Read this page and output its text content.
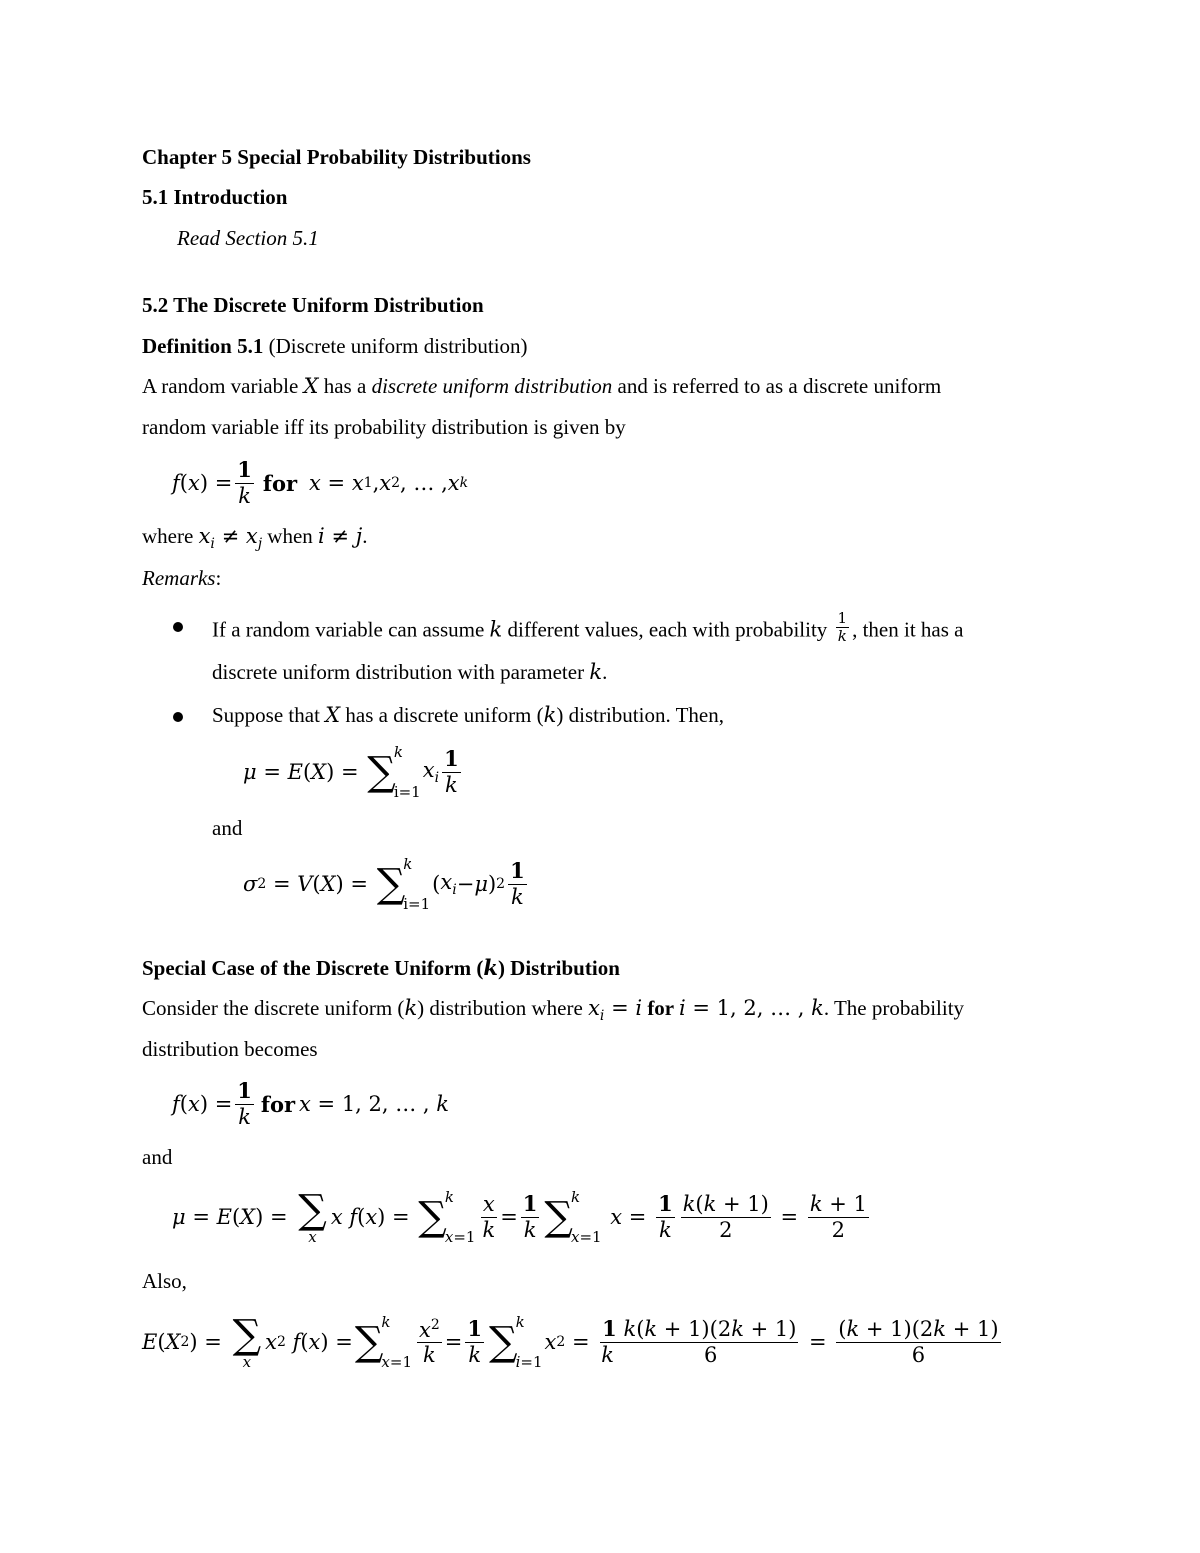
Chapter 5 Special Probability Distributions
5.1 Introduction
Read Section 5.1
5.2 The Discrete Uniform Distribution
Definition 5.1 (Discrete uniform distribution)
A random variable X has a discrete uniform distribution and is referred to as a discrete uniform
random variable iff its probability distribution is given by
f ( x ) = $\frac{1}{k}$ for x = x 1 , x 2 , … , x k
where $x_i \ne x_j$ when i ≠ j.
Remarks:
If a random variable can assume k different values, each with probability $\frac{1}{k}$ , then it has a
discrete uniform distribution with parameter k.
Suppose that X has a discrete uniform (k) distribution. Then,
μ = E ( X ) = ∑
k
i=1
$x_i \frac{1}{k}$
and
σ 2 = V ( X ) = ∑
k
i=1
( $x_i - \mu$ ) $2 \frac{1}{k}$
Special Case of the Discrete Uniform (k) Distribution
Consider the discrete uniform (k) distribution where $x_i = i$ for i = 1, 2, … , k. The probability
distribution becomes
f ( x ) = $\frac{1}{k}$ for x = 1, 2, … , k
and
μ = E ( X ) = ∑
x
x f ( x ) = ∑
k
$x=1 \frac{x}{k} = \frac{1}{k}$ ∑
k
x=1
$x = \frac{1}{k} \frac{k(k + 1)}{2} = \frac{k + 1}{2}$
Also,
E ( X 2 ) = ∑
x
x 2 f ( x ) = ∑
k
$x=1 \frac{x^2}{k} = \frac{1}{k}$ ∑
k
i=1
x 2 = 1 k(k + 1)(2k + 1)
k	$6 = \frac{(k + 1)(2k + 1)}{6}$
